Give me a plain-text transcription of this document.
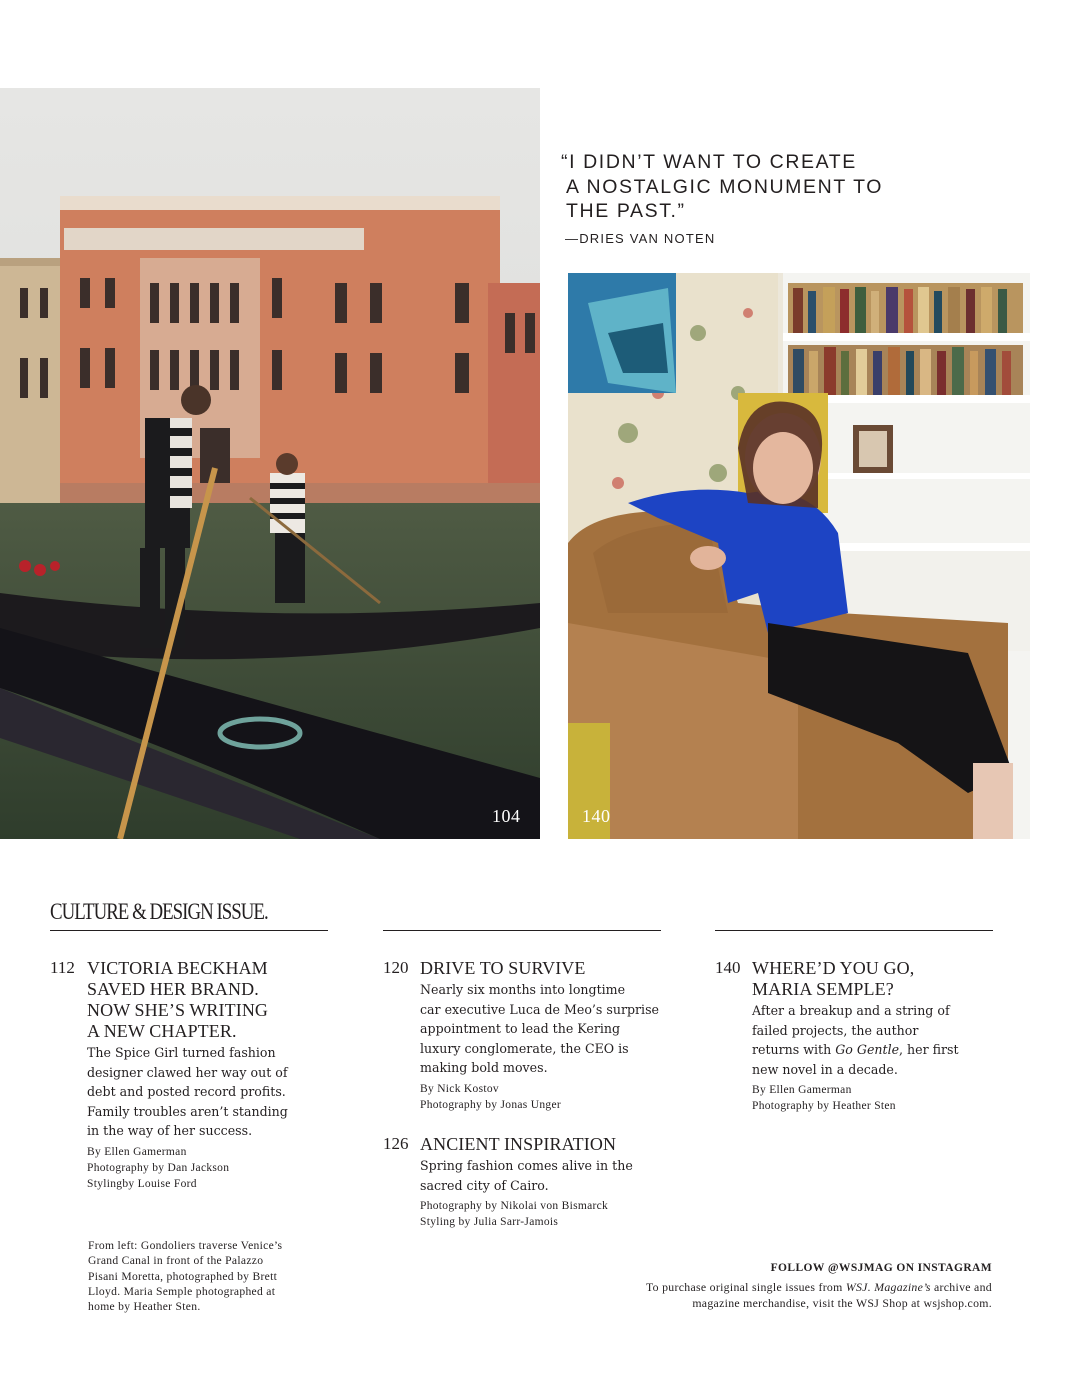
104	140
“I DIDN’T WANT TO CREATE
A NOSTALGIC MONUMENT TO
THE PAST.”
—DRIES VAN NOTEN
CULTURE & DESIGN ISSUE.
112 VICTORIA BECKHAM
SAVED HER BRAND.
NOW SHE’S WRITING
A NEW CHAPTER.
The Spice Girl turned fashion
designer clawed her way out of
debt and posted record profits.
Family troubles aren’t standing
in the way of her success.
By Ellen Gamerman
Photography by Dan Jackson
Stylingby Louise Ford
120 DRIVE TO SURVIVE
Nearly six months into longtime
car executive Luca de Meo’s surprise
appointment to lead the Kering
luxury conglomerate, the CEO is
making bold moves.
By Nick Kostov
Photography by Jonas Unger
126 ANCIENT INSPIRATION
Spring fashion comes alive in the
sacred city of Cairo.
Photography by Nikolai von Bismarck
Styling by Julia Sarr-Jamois
140 WHERE’D YOU GO,
MARIA SEMPLE?
After a breakup and a string of
failed projects, the author
returns with Go Gentle, her first
new novel in a decade.
By Ellen Gamerman
Photography by Heather Sten
From left: Gondoliers traverse Venice’s
Grand Canal in front of the Palazzo
Pisani Moretta, photographed by Brett
Lloyd. Maria Semple photographed at
home by Heather Sten.
FOLLOW @WSJMAG ON INSTAGRAM
To purchase original single issues from WSJ. Magazine’s archive and
magazine merchandise, visit the WSJ Shop at wsjshop.com.
